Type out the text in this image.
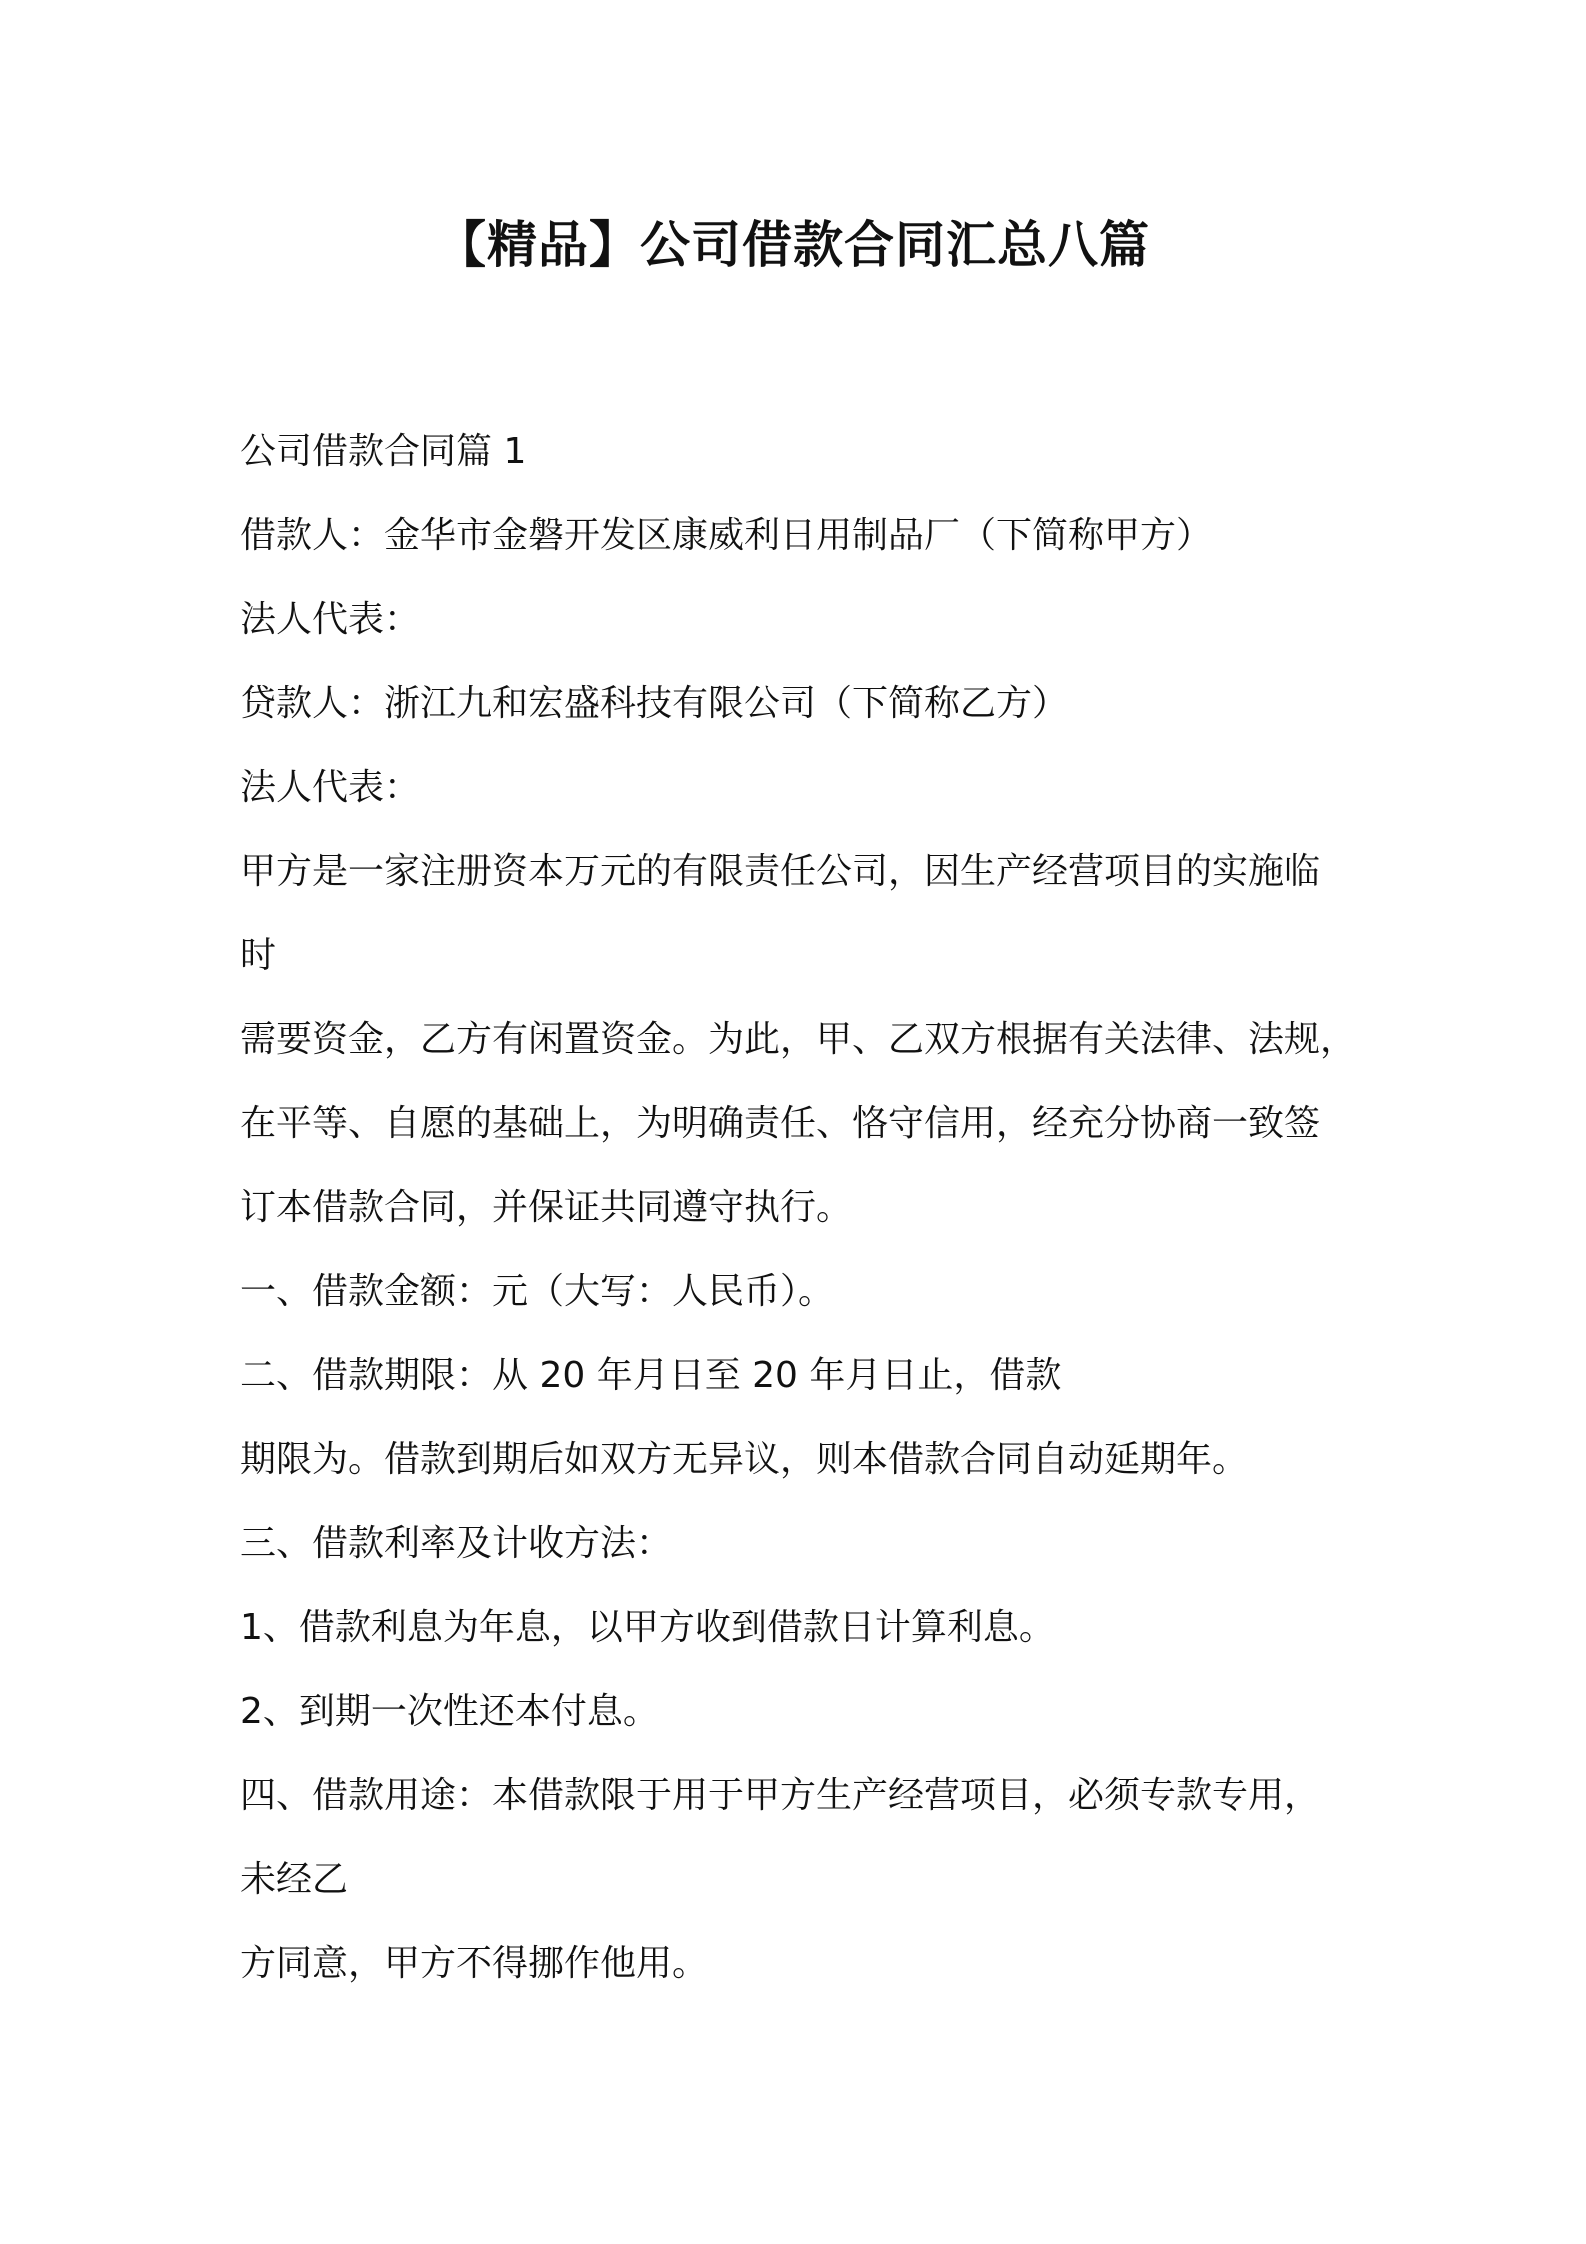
【精品】公司借款合同汇总八篇
公司借款合同篇 1
借款人：金华市金磐开发区康威利日用制品厂（下简称甲方）
法人代表：
贷款人：浙江九和宏盛科技有限公司（下简称乙方）
法人代表：
甲方是一家注册资本万元的有限责任公司，因生产经营项目的实施临
时
需要资金，乙方有闲置资金。为此，甲、乙双方根据有关法律、法规，
在平等、自愿的基础上，为明确责任、恪守信用，经充分协商一致签
订本借款合同，并保证共同遵守执行。
一、借款金额：元（大写：人民币）。
二、借款期限：从 20 年月日至 20 年月日止，借款
期限为。借款到期后如双方无异议，则本借款合同自动延期年。
三、借款利率及计收方法：
1、借款利息为年息，以甲方收到借款日计算利息。
2、到期一次性还本付息。
四、借款用途：本借款限于用于甲方生产经营项目，必须专款专用，
未经乙
方同意，甲方不得挪作他用。
